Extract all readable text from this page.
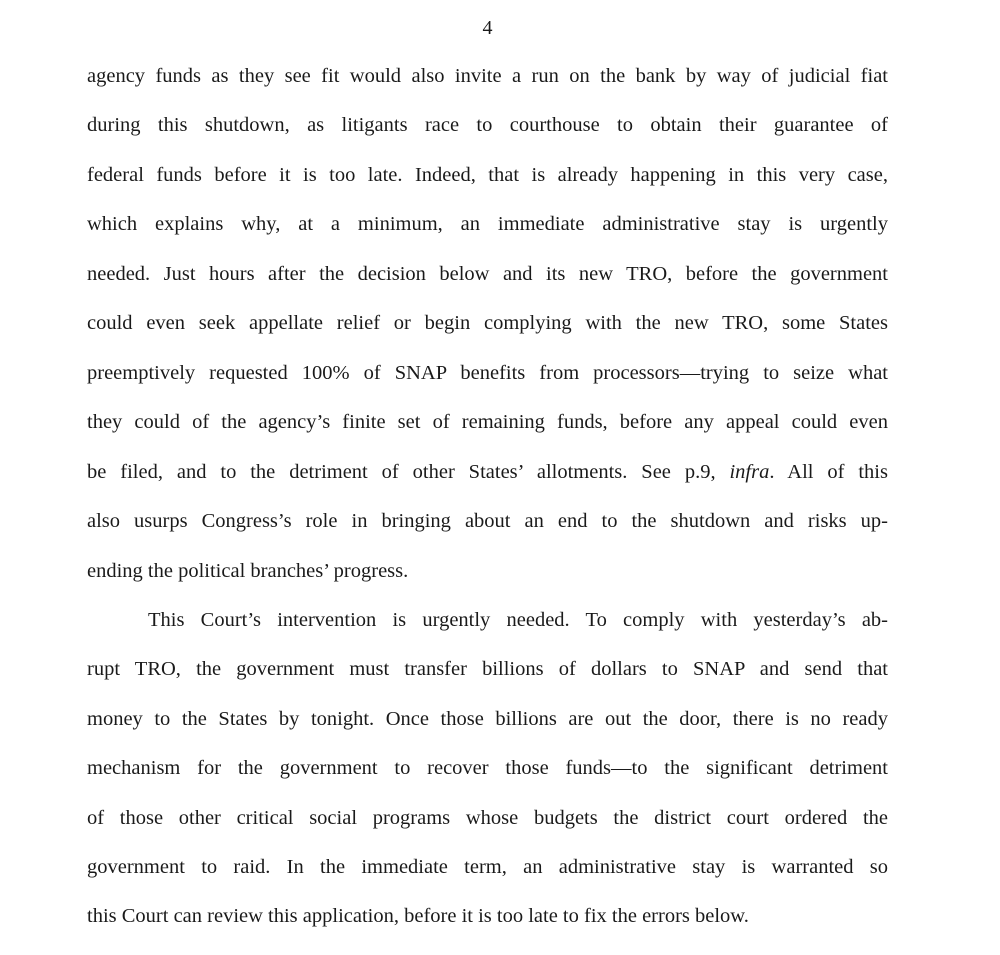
4
agency funds as they see fit would also invite a run on the bank by way of judicial fiat
during this shutdown, as litigants race to courthouse to obtain their guarantee of
federal funds before it is too late. Indeed, that is already happening in this very case,
which explains why, at a minimum, an immediate administrative stay is urgently
needed. Just hours after the decision below and its new TRO, before the government
could even seek appellate relief or begin complying with the new TRO, some States
preemptively requested 100% of SNAP benefits from processors—trying to seize what
they could of the agency’s finite set of remaining funds, before any appeal could even
be filed, and to the detriment of other States’ allotments. See p.9, infra. All of this
also usurps Congress’s role in bringing about an end to the shutdown and risks up-
ending the political branches’ progress.
This Court’s intervention is urgently needed. To comply with yesterday’s ab-
rupt TRO, the government must transfer billions of dollars to SNAP and send that
money to the States by tonight. Once those billions are out the door, there is no ready
mechanism for the government to recover those funds—to the significant detriment
of those other critical social programs whose budgets the district court ordered the
government to raid. In the immediate term, an administrative stay is warranted so
this Court can review this application, before it is too late to fix the errors below.
